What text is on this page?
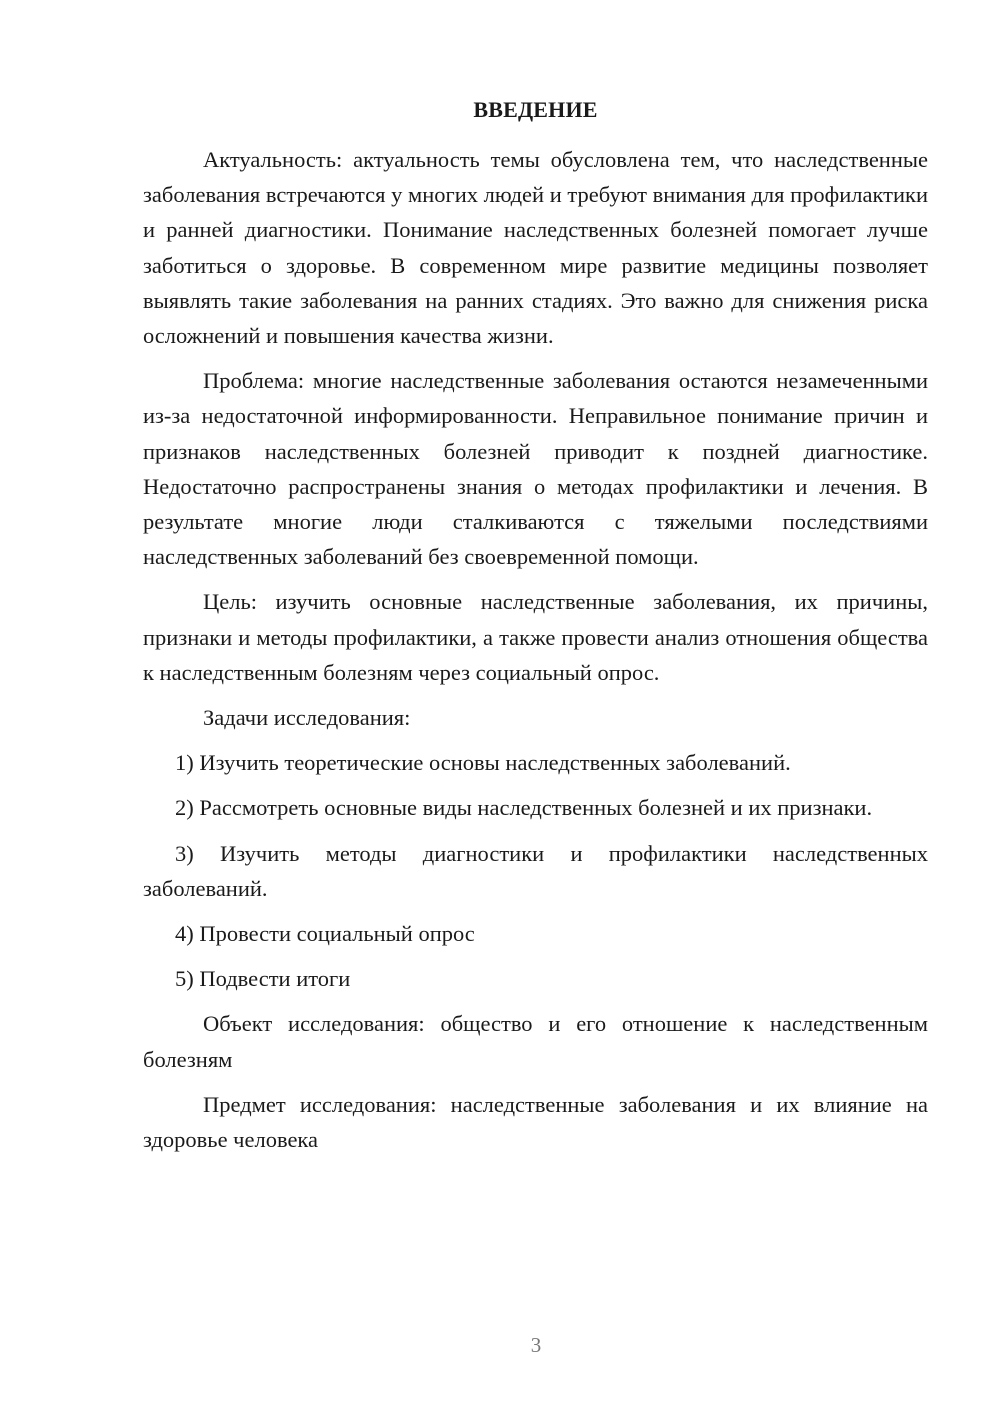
ВВЕДЕНИЕ

Актуальность: актуальность темы обусловлена тем, что наследственные заболевания встречаются у многих людей и требуют внимания для профилактики и ранней диагностики. Понимание наследственных болезней помогает лучше заботиться о здоровье. В современном мире развитие медицины позволяет выявлять такие заболевания на ранних стадиях. Это важно для снижения риска осложнений и повышения качества жизни.

Проблема: многие наследственные заболевания остаются незамеченными из-за недостаточной информированности. Неправильное понимание причин и признаков наследственных болезней приводит к поздней диагностике. Недостаточно распространены знания о методах профилактики и лечения. В результате многие люди сталкиваются с тяжелыми последствиями наследственных заболеваний без своевременной помощи.

Цель: изучить основные наследственные заболевания, их причины, признаки и методы профилактики, а также провести анализ отношения общества к наследственным болезням через социальный опрос.

Задачи исследования:

1) Изучить теоретические основы наследственных заболеваний.

2) Рассмотреть основные виды наследственных болезней и их признаки.

3) Изучить методы диагностики и профилактики наследственных заболеваний.

4) Провести социальный опрос

5) Подвести итоги

Объект исследования: общество и его отношение к наследственным болезням

Предмет исследования: наследственные заболевания и их влияние на здоровье человека

3
